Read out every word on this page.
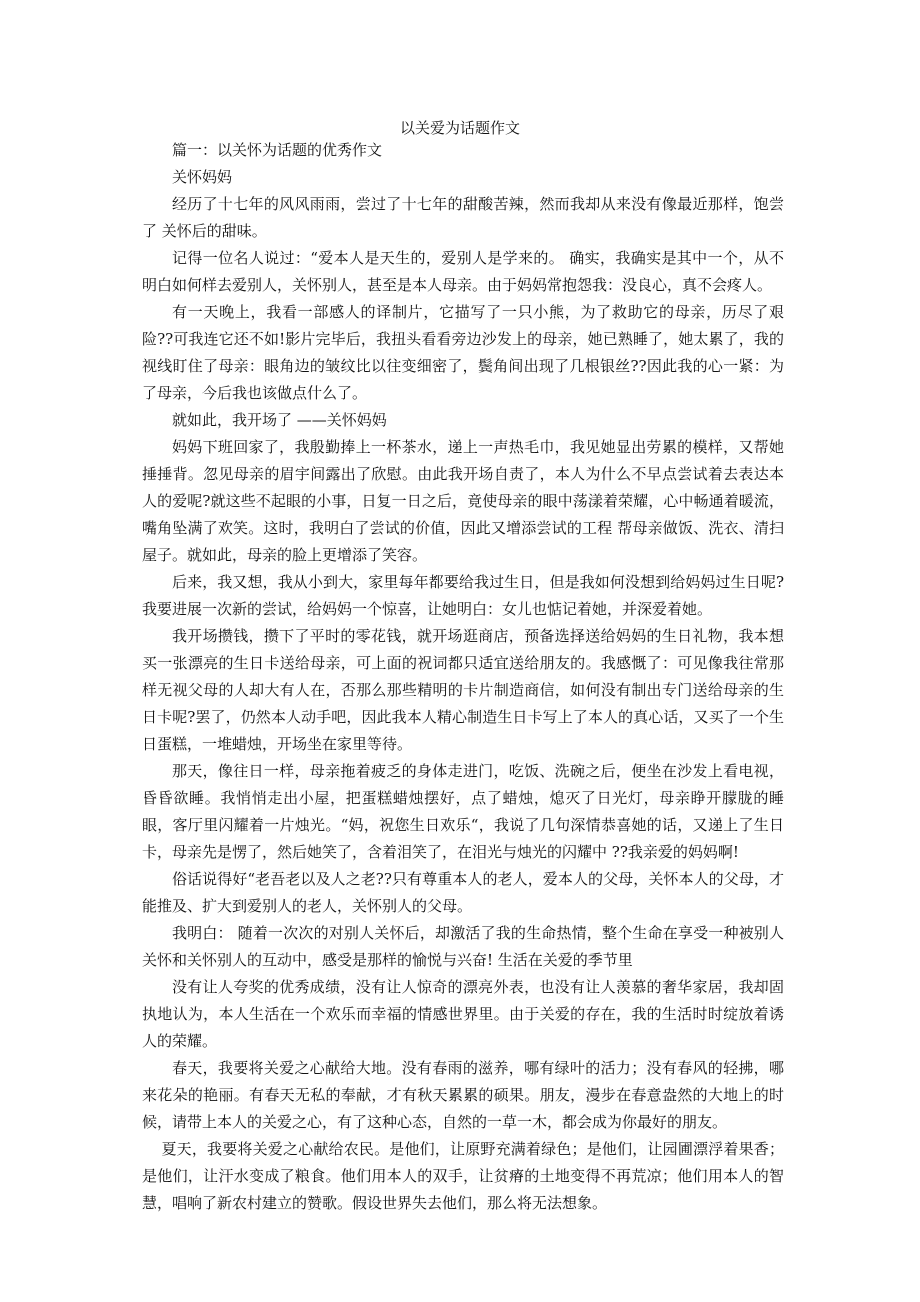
以关爱为话题作文

篇一：以关怀为话题的优秀作文

关怀妈妈

经历了十七年的风风雨雨，尝过了十七年的甜酸苦辣，然而我却从来没有像最近那样，饱尝了 关怀后的甜味。

记得一位名人说过：“爱本人是天生的，爱别人是学来的。 确实，我确实是其中一个，从不明白如何样去爱别人，关怀别人，甚至是本人母亲。由于妈妈常抱怨我：没良心，真不会疼人。

有一天晚上，我看一部感人的译制片，它描写了一只小熊，为了救助它的母亲，历尽了艰险??可我连它还不如!影片完毕后，我扭头看看旁边沙发上的母亲，她已熟睡了，她太累了，我的视线盯住了母亲：眼角边的皱纹比以往变细密了，鬓角间出现了几根银丝??因此我的心一紧：为了母亲，今后我也该做点什么了。

就如此，我开场了 ——关怀妈妈

妈妈下班回家了，我殷勤捧上一杯茶水，递上一声热毛巾，我见她显出劳累的模样，又帮她捶捶背。忽见母亲的眉宇间露出了欣慰。由此我开场自责了，本人为什么不早点尝试着去表达本人的爱呢?就这些不起眼的小事，日复一日之后，竟使母亲的眼中荡漾着荣耀，心中畅通着暖流，嘴角坠满了欢笑。这时，我明白了尝试的价值，因此又增添尝试的工程 帮母亲做饭、洗衣、清扫屋子。就如此，母亲的脸上更增添了笑容。

后来，我又想，我从小到大，家里每年都要给我过生日，但是我如何没想到给妈妈过生日呢?我要进展一次新的尝试，给妈妈一个惊喜，让她明白：女儿也惦记着她，并深爱着她。

我开场攒钱，攒下了平时的零花钱，就开场逛商店，预备选择送给妈妈的生日礼物，我本想买一张漂亮的生日卡送给母亲，可上面的祝词都只适宜送给朋友的。我感慨了：可见像我往常那样无视父母的人却大有人在，否那么那些精明的卡片制造商信，如何没有制出专门送给母亲的生日卡呢?罢了，仍然本人动手吧，因此我本人精心制造生日卡写上了本人的真心话，又买了一个生日蛋糕，一堆蜡烛，开场坐在家里等待。

那天，像往日一样，母亲拖着疲乏的身体走进门，吃饭、洗碗之后，便坐在沙发上看电视，昏昏欲睡。我悄悄走出小屋，把蛋糕蜡烛摆好，点了蜡烛，熄灭了日光灯，母亲睁开朦胧的睡眼，客厅里闪耀着一片烛光。“妈，祝您生日欢乐“，我说了几句深情恭喜她的话，又递上了生日卡，母亲先是愣了，然后她笑了，含着泪笑了，在泪光与烛光的闪耀中 ??我亲爱的妈妈啊!

俗话说得好“老吾老以及人之老??只有尊重本人的老人，爱本人的父母，关怀本人的父母，才能推及、扩大到爱别人的老人，关怀别人的父母。

我明白： 随着一次次的对别人关怀后，却激活了我的生命热情，整个生命在享受一种被别人 关怀和关怀别人的互动中，感受是那样的愉悦与兴奋! 生活在关爱的季节里

没有让人夸奖的优秀成绩，没有让人惊奇的漂亮外表，也没有让人羡慕的奢华家居，我却固执地认为，本人生活在一个欢乐而幸福的情感世界里。由于关爱的存在，我的生活时时绽放着诱人的荣耀。

春天，我要将关爱之心献给大地。没有春雨的滋养，哪有绿叶的活力；没有春风的轻拂，哪来花朵的艳丽。有春天无私的奉献，才有秋天累累的硕果。朋友，漫步在春意盎然的大地上的时候，请带上本人的关爱之心，有了这种心态，自然的一草一木，都会成为你最好的朋友。

夏天，我要将关爱之心献给农民。是他们，让原野充满着绿色；是他们，让园圃漂浮着果香；是他们，让汗水变成了粮食。他们用本人的双手，让贫瘠的土地变得不再荒凉；他们用本人的智慧，唱响了新农村建立的赞歌。假设世界失去他们，那么将无法想象。
